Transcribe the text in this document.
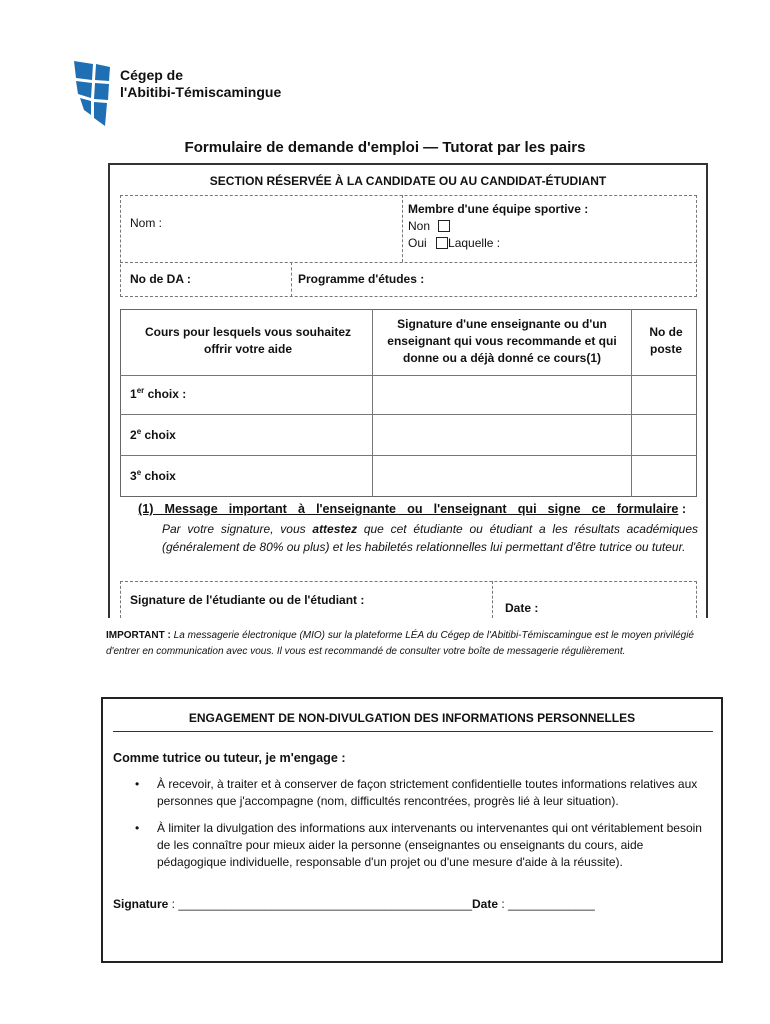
Cégep de
l'Abitibi-Témiscamingue
Formulaire de demande d'emploi — Tutorat par les pairs
SECTION RÉSERVÉE À LA CANDIDATE OU AU CANDIDAT-ÉTUDIANT
Nom :
Membre d'une équipe sportive :
Non
Oui Laquelle :
No de DA :	Programme d'études :
Cours pour lesquels vous souhaitez offrir votre aide
Signature d'une enseignante ou d'un enseignant qui vous recommande et qui donne ou a déjà donné ce cours(1)
No de poste
1er choix :
2e choix
3e choix
(1) Message important à l'enseignante ou l'enseignant qui signe ce formulaire :
Par votre signature, vous attestez que cet étudiante ou étudiant a les résultats académiques (généralement de 80% ou plus) et les habiletés relationnelles lui permettant d'être tutrice ou tuteur.
Signature de l'étudiante ou de l'étudiant :
Date :
IMPORTANT : La messagerie électronique (MIO) sur la plateforme LÉA du Cégep de l'Abitibi-Témiscamingue est le moyen privilégié d'entrer en communication avec vous. Il vous est recommandé de consulter votre boîte de messagerie régulièrement.
ENGAGEMENT DE NON-DIVULGATION DES INFORMATIONS PERSONNELLES
Comme tutrice ou tuteur, je m'engage :
• À recevoir, à traiter et à conserver de façon strictement confidentielle toutes informations relatives aux personnes que j'accompagne (nom, difficultés rencontrées, progrès lié à leur situation).
• À limiter la divulgation des informations aux intervenants ou intervenantes qui ont véritablement besoin de les connaître pour mieux aider la personne (enseignantes ou enseignants du cours, aide pédagogique individuelle, responsable d'un projet ou d'une mesure d'aide à la réussite).
Signature : ____________________________________________Date : _____________
